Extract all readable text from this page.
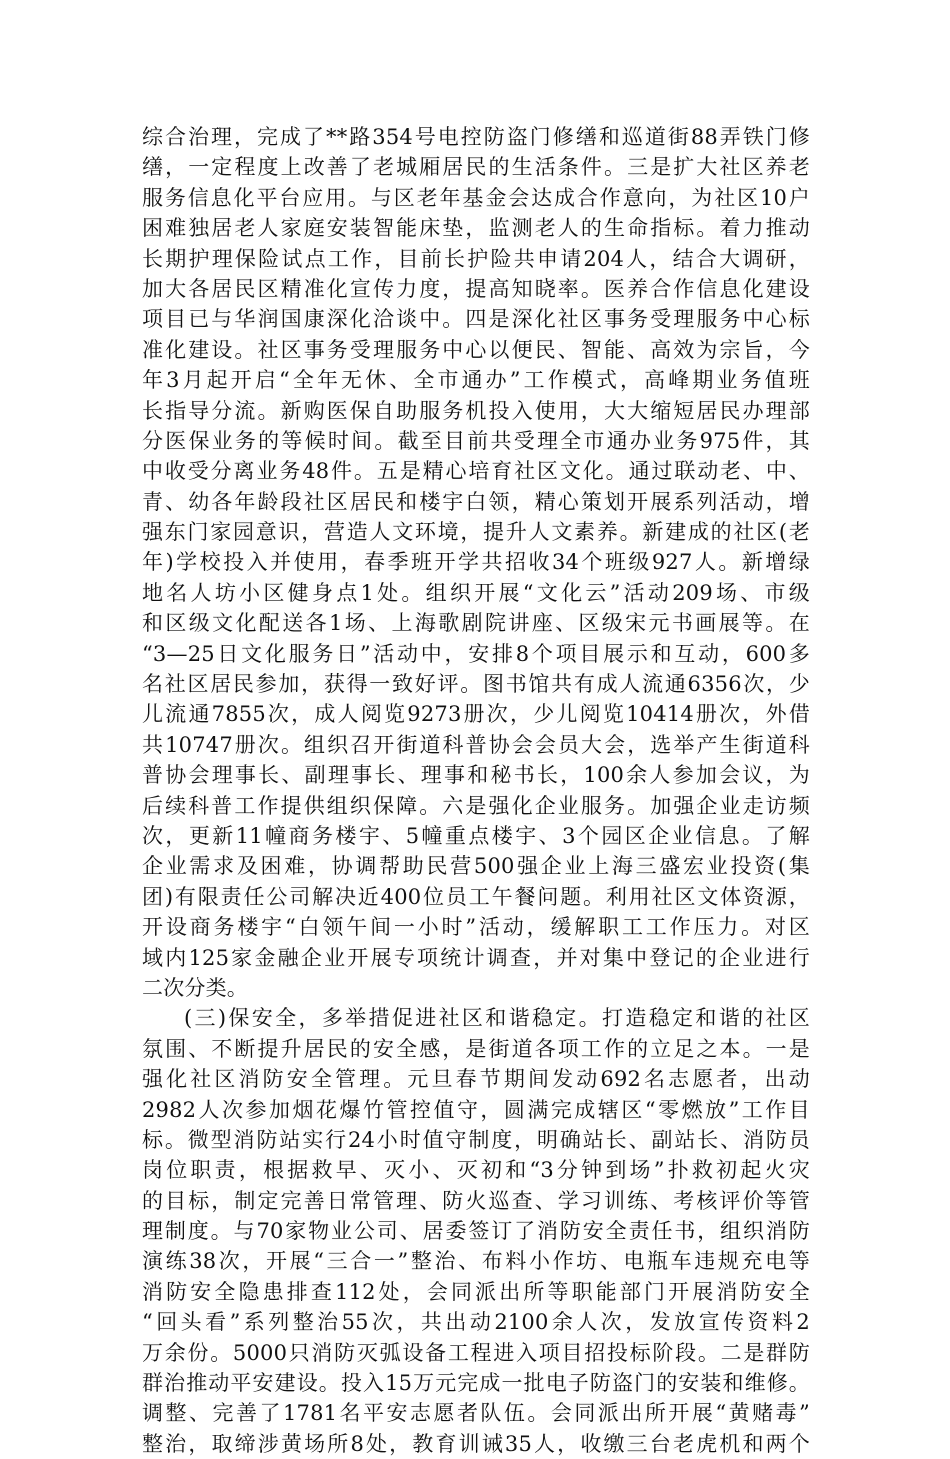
综合治理，完成了**路354号电控防盗门修缮和巡道街88弄铁门修
缮，一定程度上改善了老城厢居民的生活条件。三是扩大社区养老
服务信息化平台应用。与区老年基金会达成合作意向，为社区10户
困难独居老人家庭安装智能床垫，监测老人的生命指标。着力推动
长期护理保险试点工作，目前长护险共申请204人，结合大调研，
加大各居民区精准化宣传力度，提高知晓率。医养合作信息化建设
项目已与华润国康深化洽谈中。四是深化社区事务受理服务中心标
准化建设。社区事务受理服务中心以便民、智能、高效为宗旨，今
年3月起开启“全年无休、全市通办”工作模式，高峰期业务值班
长指导分流。新购医保自助服务机投入使用，大大缩短居民办理部
分医保业务的等候时间。截至目前共受理全市通办业务975件，其
中收受分离业务48件。五是精心培育社区文化。通过联动老、中、
青、幼各年龄段社区居民和楼宇白领，精心策划开展系列活动，增
强东门家园意识，营造人文环境，提升人文素养。新建成的社区(老
年)学校投入并使用，春季班开学共招收34个班级927人。新增绿
地名人坊小区健身点1处。组织开展“文化云”活动209场、市级
和区级文化配送各1场、上海歌剧院讲座、区级宋元书画展等。在
“3—25日文化服务日”活动中，安排8个项目展示和互动，600多
名社区居民参加，获得一致好评。图书馆共有成人流通6356次，少
儿流通7855次，成人阅览9273册次，少儿阅览10414册次，外借
共10747册次。组织召开街道科普协会会员大会，选举产生街道科
普协会理事长、副理事长、理事和秘书长，100余人参加会议，为
后续科普工作提供组织保障。六是强化企业服务。加强企业走访频
次，更新11幢商务楼宇、5幢重点楼宇、3个园区企业信息。了解
企业需求及困难，协调帮助民营500强企业上海三盛宏业投资(集
团)有限责任公司解决近400位员工午餐问题。利用社区文体资源，
开设商务楼宇“白领午间一小时”活动，缓解职工工作压力。对区
域内125家金融企业开展专项统计调查，并对集中登记的企业进行
二次分类。
(三)保安全，多举措促进社区和谐稳定。打造稳定和谐的社区
氛围、不断提升居民的安全感，是街道各项工作的立足之本。一是
强化社区消防安全管理。元旦春节期间发动692名志愿者，出动
2982人次参加烟花爆竹管控值守，圆满完成辖区“零燃放”工作目
标。微型消防站实行24小时值守制度，明确站长、副站长、消防员
岗位职责，根据救早、灭小、灭初和“3分钟到场”扑救初起火灾
的目标，制定完善日常管理、防火巡查、学习训练、考核评价等管
理制度。与70家物业公司、居委签订了消防安全责任书，组织消防
演练38次，开展“三合一”整治、布料小作坊、电瓶车违规充电等
消防安全隐患排查112处，会同派出所等职能部门开展消防安全
“回头看”系列整治55次，共出动2100余人次，发放宣传资料2
万余份。5000只消防灭弧设备工程进入项目招投标阶段。二是群防
群治推动平安建设。投入15万元完成一批电子防盗门的安装和维修。
调整、完善了1781名平安志愿者队伍。会同派出所开展“黄赌毒”
整治，取缔涉黄场所8处，教育训诫35人，收缴三台老虎机和两个
